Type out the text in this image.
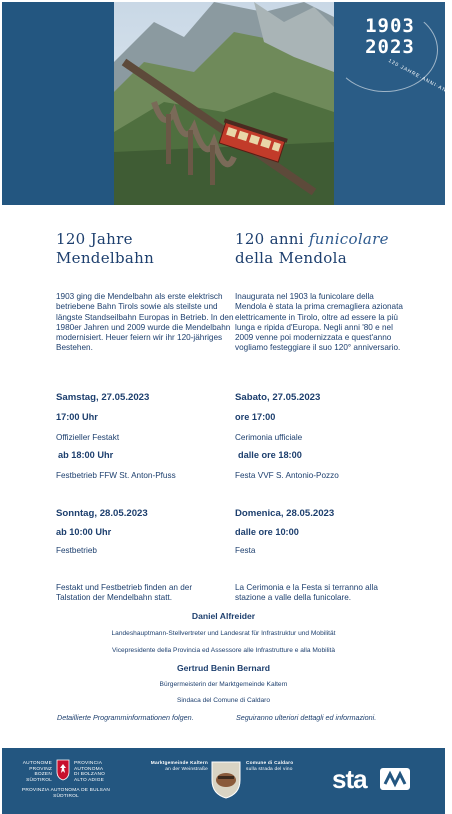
1903
2023
120 JAHRE·ANNI·ANN
120 Jahre
Mendelbahn
1903 ging die Mendelbahn als erste elektrisch betriebene Bahn Tirols sowie als steilste und längste Standseilbahn Europas in Betrieb. In den 1980er Jahren und 2009 wurde die Mendelbahn modernisiert. Heuer feiern wir ihr 120-jähriges Bestehen.
Samstag, 27.05.2023
17:00 Uhr
Offizieller Festakt
ab 18:00 Uhr
Festbetrieb FFW St. Anton-Pfuss
Sonntag, 28.05.2023
ab 10:00 Uhr
Festbetrieb
Festakt und Festbetrieb finden an der Talstation der Mendelbahn statt.
120 anni funicolare
della Mendola
Inaugurata nel 1903 la funicolare della Mendola è stata la prima cremagliera azionata elettricamente in Tirolo, oltre ad essere la più lunga e ripida d'Europa. Negli anni '80 e nel 2009 venne poi modernizzata e quest'anno vogliamo festeggiare il suo 120° anniversario.
Sabato, 27.05.2023
ore 17:00
Cerimonia ufficiale
dalle ore 18:00
Festa VVF S. Antonio-Pozzo
Domenica, 28.05.2023
dalle ore 10:00
Festa
La Cerimonia e la Festa si terranno alla stazione a valle della funicolare.
Daniel Alfreider
Landeshauptmann-Stellvertreter und Landesrat für Infrastruktur und Mobilität
Vicepresidente della Provincia ed Assessore alle Infrastrutture e alla Mobilità
Gertrud Benin Bernard
Bürgermeisterin der Marktgemeinde Kaltern
Sindaca del Comune di Caldaro
Detaillierte Programminformationen folgen.	Seguiranno ulteriori dettagli ed informazioni.
AUTONOME
PROVINZ
BOZEN
SÜDTIROL
PROVINCIA
AUTONOMA
DI BOLZANO
ALTO ADIGE
PROVINZIA AUTONOMA DE BULSAN
SÜDTIROL
Marktgemeinde Kaltern
an der Weinstraße
Comune di Caldaro
sulla strada del vino	sta
